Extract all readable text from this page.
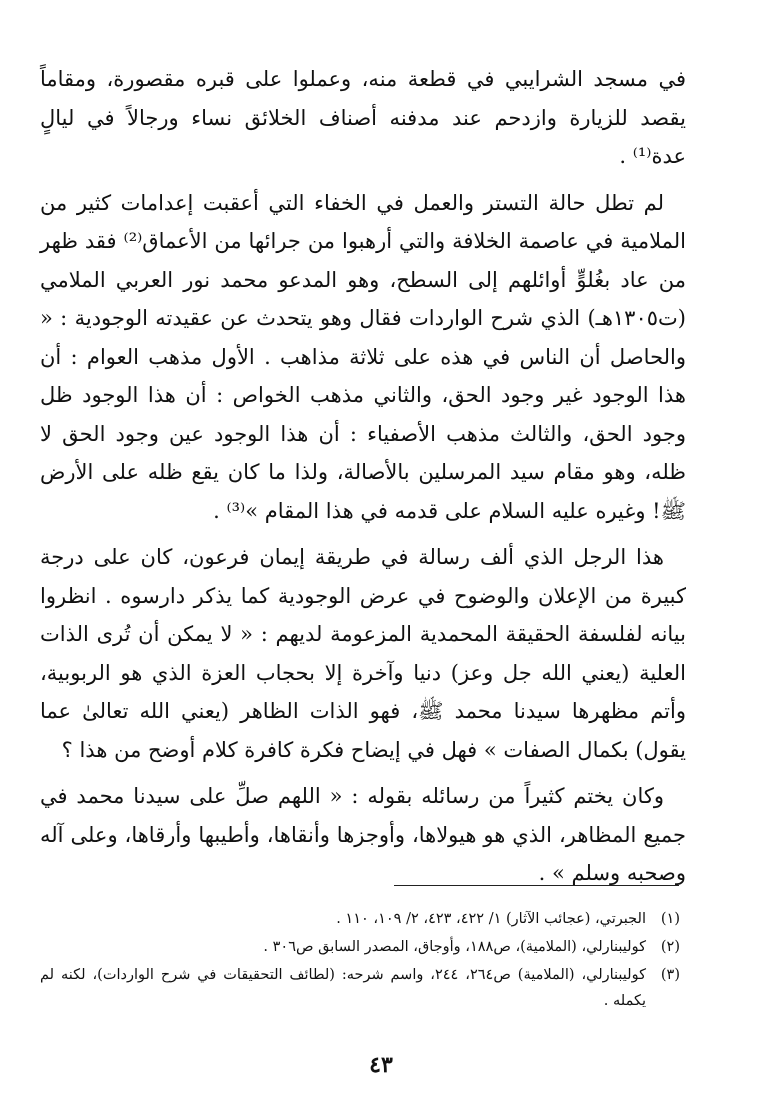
في مسجد الشرايبي في قطعة منه، وعملوا على قبره مقصورة، ومقاماً يقصد للزيارة وازدحم عند مدفنه أصناف الخلائق نساء ورجالاً في ليالٍ عدة⁽¹⁾ .

لم تطل حالة التستر والعمل في الخفاء التي أعقبت إعدامات كثير من الملامية في عاصمة الخلافة والتي أرهبوا من جرائها من الأعماق⁽²⁾ فقد ظهر من عاد بغُلوٍّ أوائلهم إلى السطح، وهو المدعو محمد نور العربي الملامي (ت١٣٠٥هـ) الذي شرح الواردات فقال وهو يتحدث عن عقيدته الوجودية : « والحاصل أن الناس في هذه على ثلاثة مذاهب . الأول مذهب العوام : أن هذا الوجود غير وجود الحق، والثاني مذهب الخواص : أن هذا الوجود ظل وجود الحق، والثالث مذهب الأصفياء : أن هذا الوجود عين وجود الحق لا ظله، وهو مقام سيد المرسلين بالأصالة، ولذا ما كان يقع ظله على الأرض ﷺ! وغيره عليه السلام على قدمه في هذا المقام »⁽³⁾ .

هذا الرجل الذي ألف رسالة في طريقة إيمان فرعون، كان على درجة كبيرة من الإعلان والوضوح في عرض الوجودية كما يذكر دارسوه . انظروا بيانه لفلسفة الحقيقة المحمدية المزعومة لديهم : « لا يمكن أن تُرى الذات العلية (يعني الله جل وعز) دنيا وآخرة إلا بحجاب العزة الذي هو الربوبية، وأتم مظهرها سيدنا محمد ﷺ، فهو الذات الظاهر (يعني الله تعالىٰ عما يقول) بكمال الصفات » فهل في إيضاح فكرة كافرة كلام أوضح من هذا ؟

وكان يختم كثيراً من رسائله بقوله : « اللهم صلِّ على سيدنا محمد في جميع المظاهر، الذي هو هيولاها، وأوجزها وأنقاها، وأطيبها وأرقاها، وعلى آله وصحبه وسلم » .

(١)
الجبرتي، (عجائب الآثار) ١/ ٤٢٢، ٤٢٣، ٢/ ١٠٩، ١١٠ .
(٢)
كوليبنارلي، (الملامية)، ص١٨٨، وأوجاق، المصدر السابق ص٣٠٦ .
(٣)
كوليبنارلي، (الملامية) ص٢٦٤، ٢٤٤، واسم شرحه: (لطائف التحقيقات في شرح الواردات)، لكنه لم يكمله .
٤٣
